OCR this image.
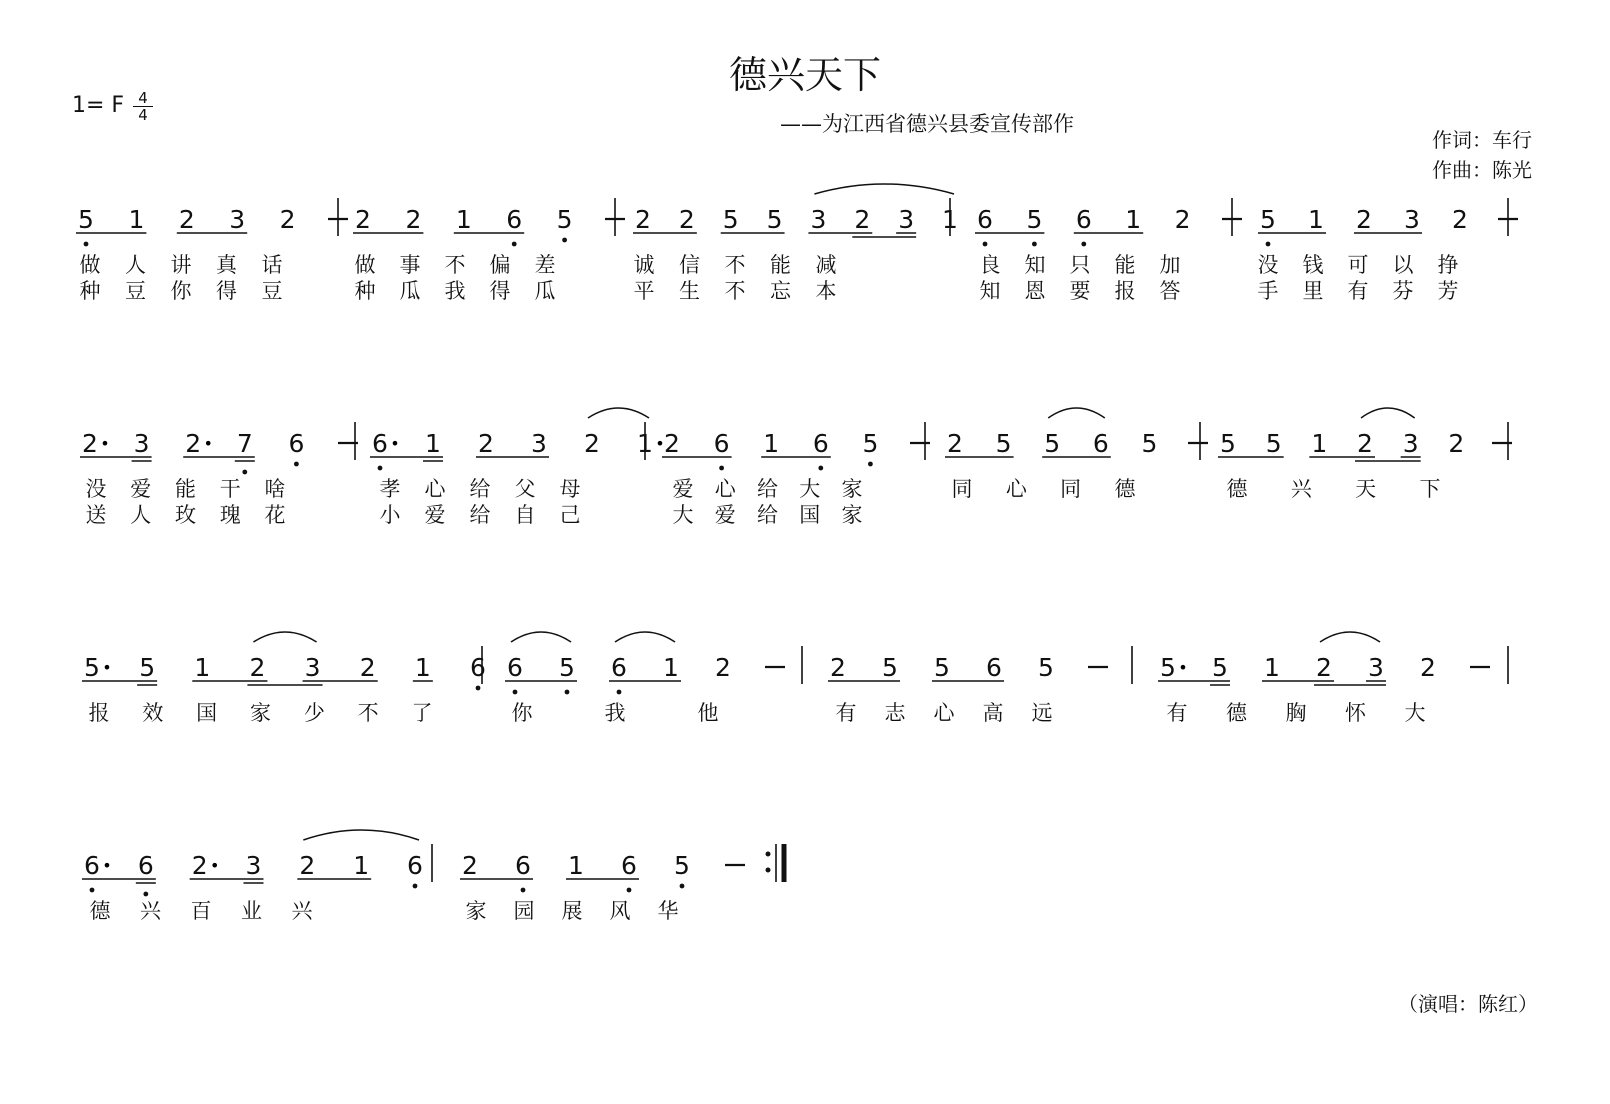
德兴天下
——为江西省德兴县委宣传部作
1= F 4
4
作词：车行
作曲：陈光
（演唱：陈红）
5 1 2 3 2 2 2 1 6 5 2 2 5 5 3 2 3 1 6 5 6 1 2	5 1 2 3 2
做 人 讲 真 话	做 事 不 偏 差	诚 信 不 能 减	良 知 只 能 加	没 钱 可 以 挣
种 豆 你 得 豆	种 瓜 我 得 瓜	平 生 不 忘 本	知 恩 要 报 答	手 里 有 芬 芳
2 • 3 2 • 7 6	6 • 1 2 3 2 1 • 2 6 1 6 5	2 5 5 6 5	5 5 1 2 3 2
没 爱 能 干 啥	孝 心 给 父 母	爱 心 给 大 家	同 心 同 德	德 兴 天 下
送 人 玫 瑰 花	小 爱 给 自 己	大 爱 给 国 家
5 • 5 1 2 3 2 1 6 6 5 6 1 2	2 5 5 6 5	5 • 5 1 2 3 2
报 效 国 家 少 不 了	你	我	他	有 志 心 高 远	有 德 胸 怀 大
6 • 6 2 • 3 2 1 6 2 6 1 6 5
德 兴 百 业 兴	家 园 展 风 华
